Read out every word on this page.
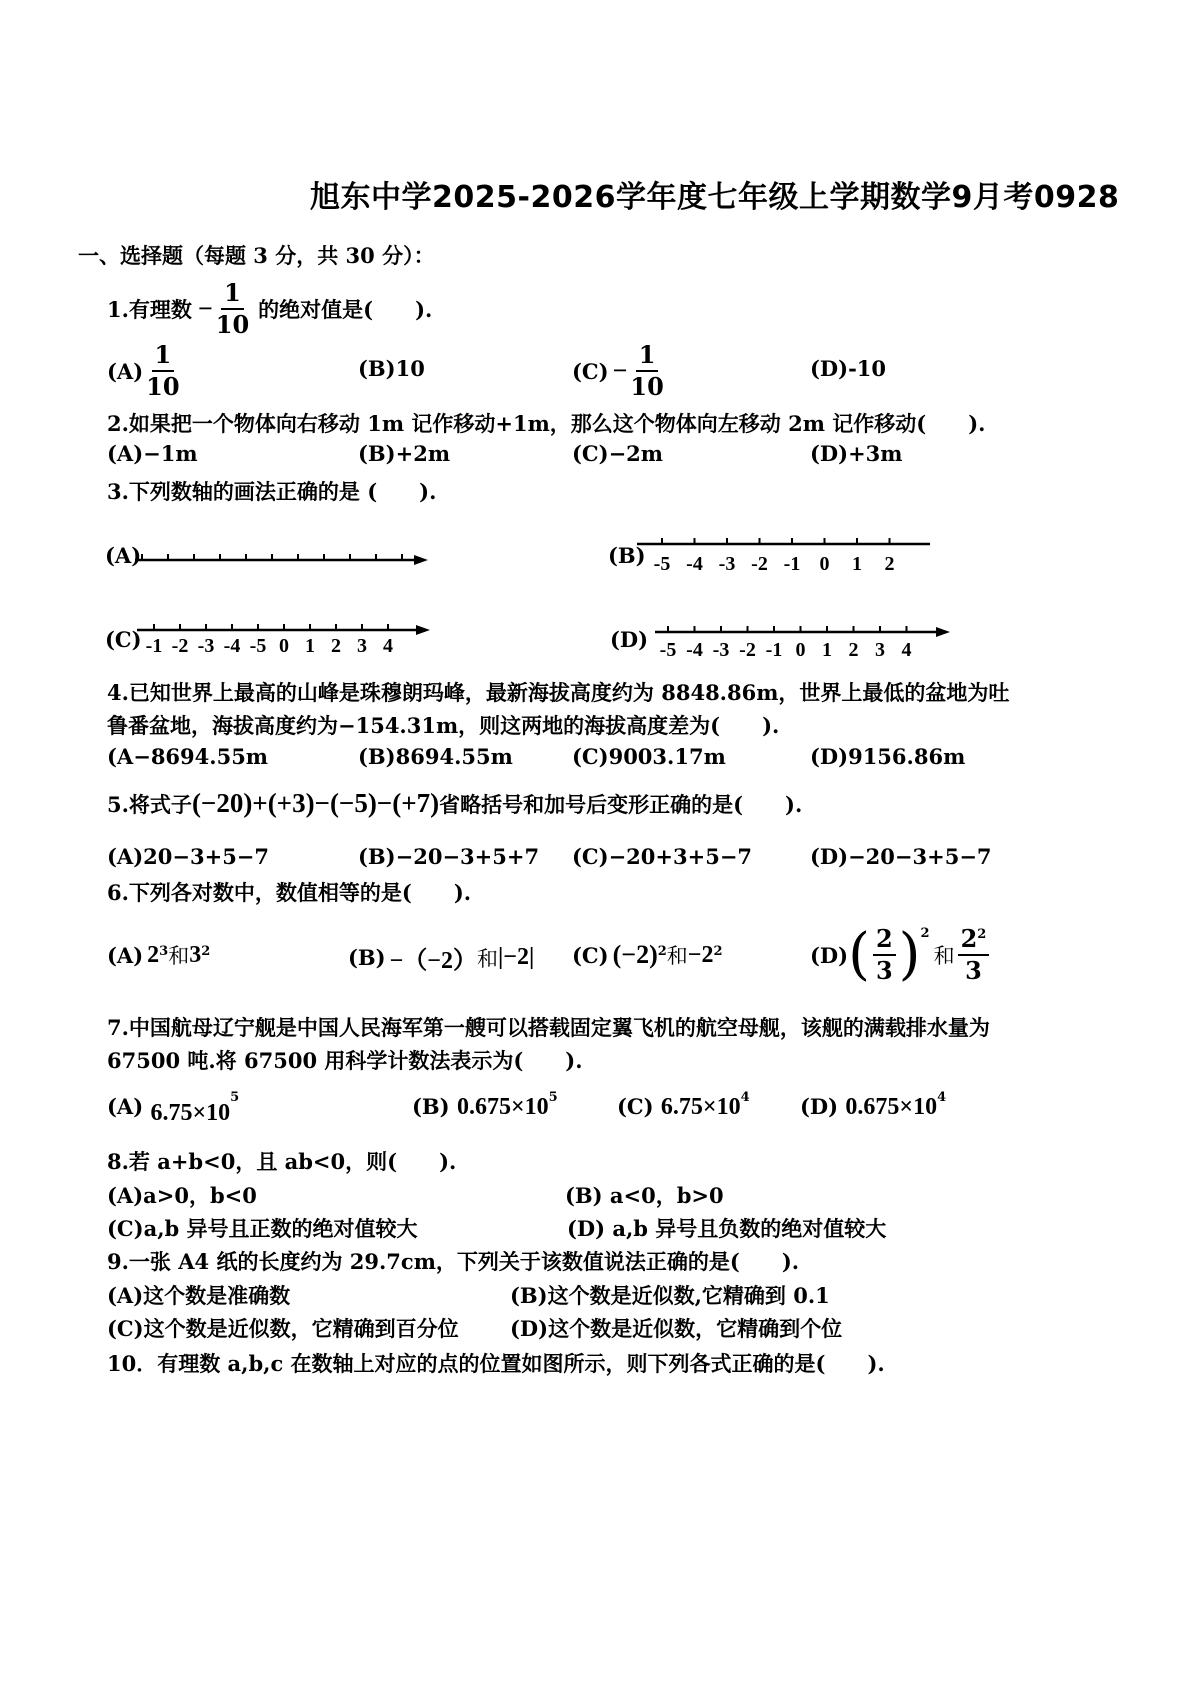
旭东中学2025-2026学年度七年级上学期数学9月考0928
一、选择题（每题 3 分，共 30 分）：
1.有理数 − $\frac{1}{10}$ 的绝对值是(　　).
$(A) \frac{1}{10}$	(B)10	$(C) - \frac{1}{10}$	(D)-10
2.如果把一个物体向右移动 1m 记作移动+1m，那么这个物体向左移动 2m 记作移动(　　).
(A)−1m	(B)+2m	(C)−2m	(D)+3m
3.下列数轴的画法正确的是 (　　).
(A)	(B) -5 -4 -3 -2 -1 0 1 2
(C) -1 -2 -3 -4 -5 0 1 2 3 4	(D) -5 -4 -3 -2 -1 0 1 2 3 4
4.已知世界上最高的山峰是珠穆朗玛峰，最新海拔高度约为 8848.86m，世界上最低的盆地为吐
鲁番盆地，海拔高度约为−154.31m，则这两地的海拔高度差为(　　).
(A−8694.55m	(B)8694.55m	(C)9003.17m	(D)9156.86m
5.将式子 (−20)+(+3)−(−5)−(+7) 省略括号和加号后变形正确的是(　　).
(A)20−3+5−7	(B)−20−3+5+7 (C)−20+3+5−7	(D)−20−3+5−7
6.下列各对数中，数值相等的是(　　).
(A) $2^3$ 和 $3^2$	(B) −（−2） 和 |−2| (C) $(-2)^2$ 和 $-2^2$	(D) ( $\frac{2}{3} )^2$
和 $\frac{2^2}{3}$
7.中国航母辽宁舰是中国人民海军第一艘可以搭载固定翼飞机的航空母舰，该舰的满载排水量为
67500 吨.将 67500 用科学计数法表示为(　　).
(A) $6.75\times 10^5$	(B) $0.675\times 10^5$	(C) $6.75\times 10^4$ (D) $0.675\times 10^4$
8.若 a+b<0，且 ab<0，则(　　).
(A)a>0，b<0	(B) a<0，b>0
(C)a,b 异号且正数的绝对值较大	(D) a,b 异号且负数的绝对值较大
9.一张 A4 纸的长度约为 29.7cm，下列关于该数值说法正确的是(　　).
(A)这个数是准确数	(B)这个数是近似数,它精确到 0.1
(C)这个数是近似数，它精确到百分位 (D)这个数是近似数，它精确到个位
10．有理数 a,b,c 在数轴上对应的点的位置如图所示，则下列各式正确的是(　　).
